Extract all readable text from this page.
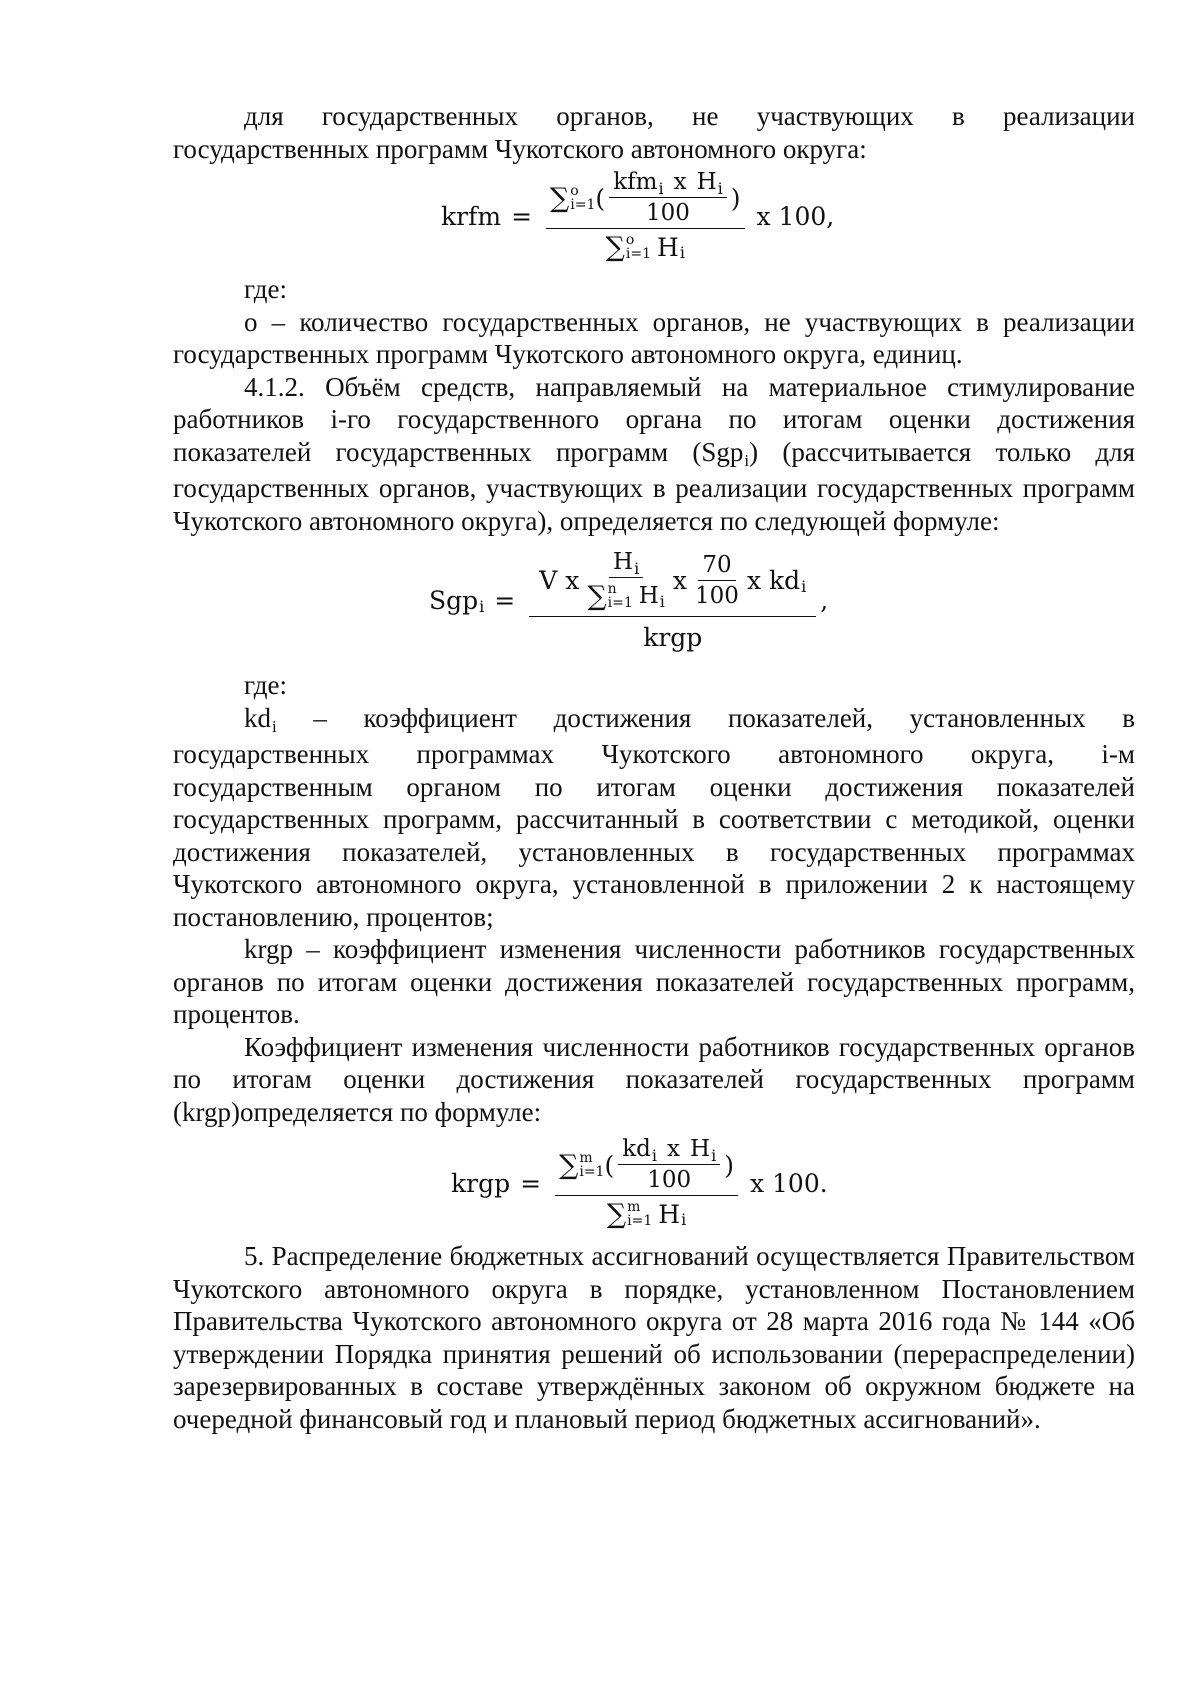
для государственных органов, не участвующих в реализации государственных программ Чукотского автономного округа:

krfm =
∑ o
i=1 (
kfm i x H i
100
)
∑ o
i=1 H i
x 100,

где:

o – количество государственных органов, не участвующих в реализации государственных программ Чукотского автономного округа, единиц.

4.1.2. Объём средств, направляемый на материальное стимулирование работников i-го государственного органа по итогам оценки достижения показателей государственных программ (Sgpi) (рассчитывается только для государственных органов, участвующих в реализации государственных программ Чукотского автономного округа), определяется по следующей формуле:

Sgp i =
V x
H i
∑ n
i=1 H i
x $\frac{70}{100}$ x kd i
krgp
,

где:

kdi – коэффициент достижения показателей, установленных в государственных программах Чукотского автономного округа, i-м государственным органом по итогам оценки достижения показателей государственных программ, рассчитанный в соответствии с методикой, оценки достижения показателей, установленных в государственных программах Чукотского автономного округа, установленной в приложении 2 к настоящему постановлению, процентов;

krgp – коэффициент изменения численности работников государственных органов по итогам оценки достижения показателей государственных программ, процентов.

Коэффициент изменения численности работников государственных органов по итогам оценки достижения показателей государственных программ (krgp)определяется по формуле:

krgp =
∑ m
i=1 (
kd i x H i
100
)
∑ m
i=1 H i
x 100.

5. Распределение бюджетных ассигнований осуществляется Правительством Чукотского автономного округа в порядке, установленном Постановлением Правительства Чукотского автономного округа от 28 марта 2016 года № 144 «Об утверждении Порядка принятия решений об использовании (перераспределении) зарезервированных в составе утверждённых законом об окружном бюджете на очередной финансовый год и плановый период бюджетных ассигнований».
